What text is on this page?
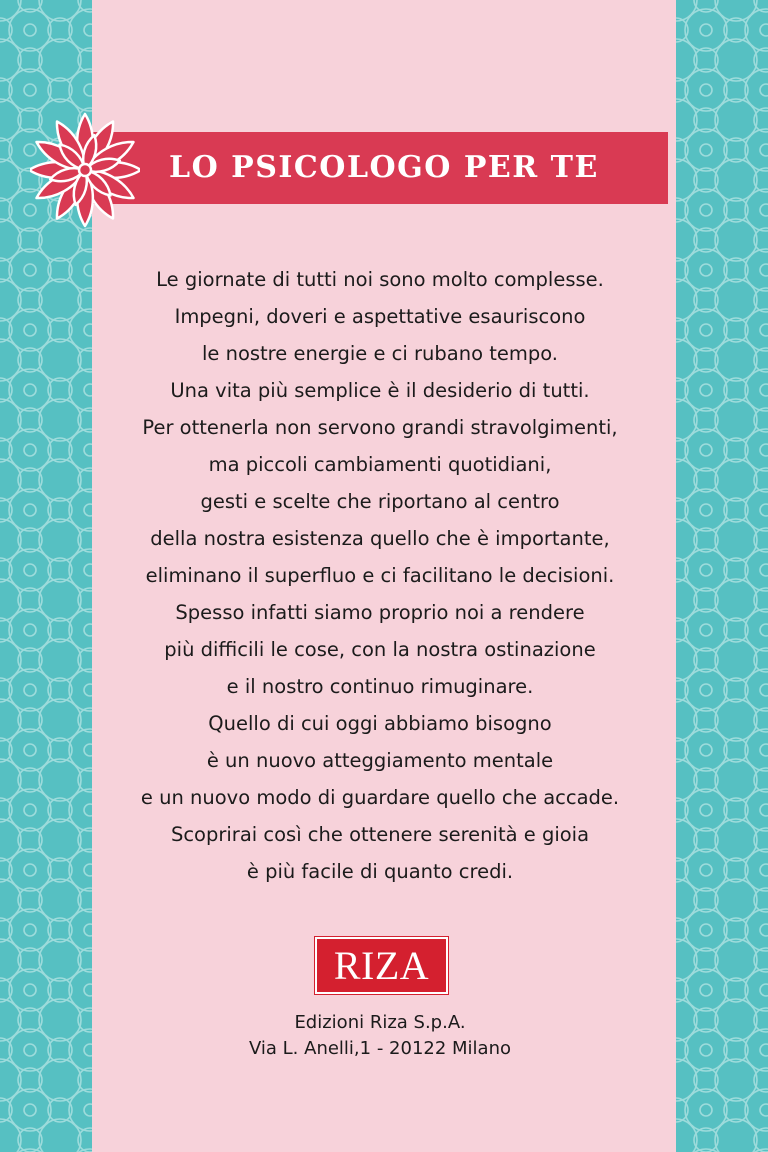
LO PSICOLOGO PER TE
Le giornate di tutti noi sono molto complesse.
Impegni, doveri e aspettative esauriscono
le nostre energie e ci rubano tempo.
Una vita più semplice è il desiderio di tutti.
Per ottenerla non servono grandi stravolgimenti,
ma piccoli cambiamenti quotidiani,
gesti e scelte che riportano al centro
della nostra esistenza quello che è importante,
eliminano il superfluo e ci facilitano le decisioni.
Spesso infatti siamo proprio noi a rendere
più difficili le cose, con la nostra ostinazione
e il nostro continuo rimuginare.
Quello di cui oggi abbiamo bisogno
è un nuovo atteggiamento mentale
e un nuovo modo di guardare quello che accade.
Scoprirai così che ottenere serenità e gioia
è più facile di quanto credi.
RIZA
Edizioni Riza S.p.A.
Via L. Anelli,1 - 20122 Milano
